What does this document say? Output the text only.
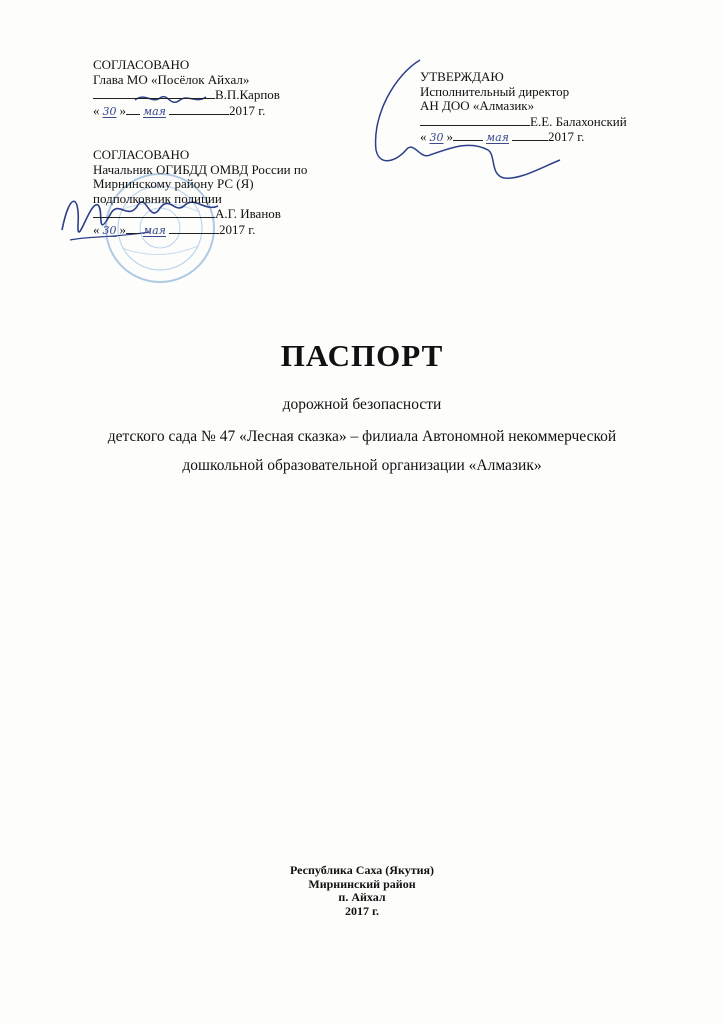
СОГЛАСОВАНО
Глава МО «Посёлок Айхал»
В.П.Карпов
« 30 » мая	2017 г.
СОГЛАСОВАНО
Начальник ОГИБДД ОМВД России по
Мирнинскому району РС (Я)
подполковник полиции
А.Г. Иванов
« 30 » мая	2017 г.
УТВЕРЖДАЮ
Исполнительный директор
АН ДОО «Алмазик»
Е.Е. Балахонский
« 30 »	мая	2017 г.
ПАСПОРТ
дорожной безопасности
детского сада № 47 «Лесная сказка» – филиала Автономной некоммерческой
дошкольной образовательной организации «Алмазик»
Республика Саха (Якутия)
Мирнинский район
п. Айхал
2017 г.
